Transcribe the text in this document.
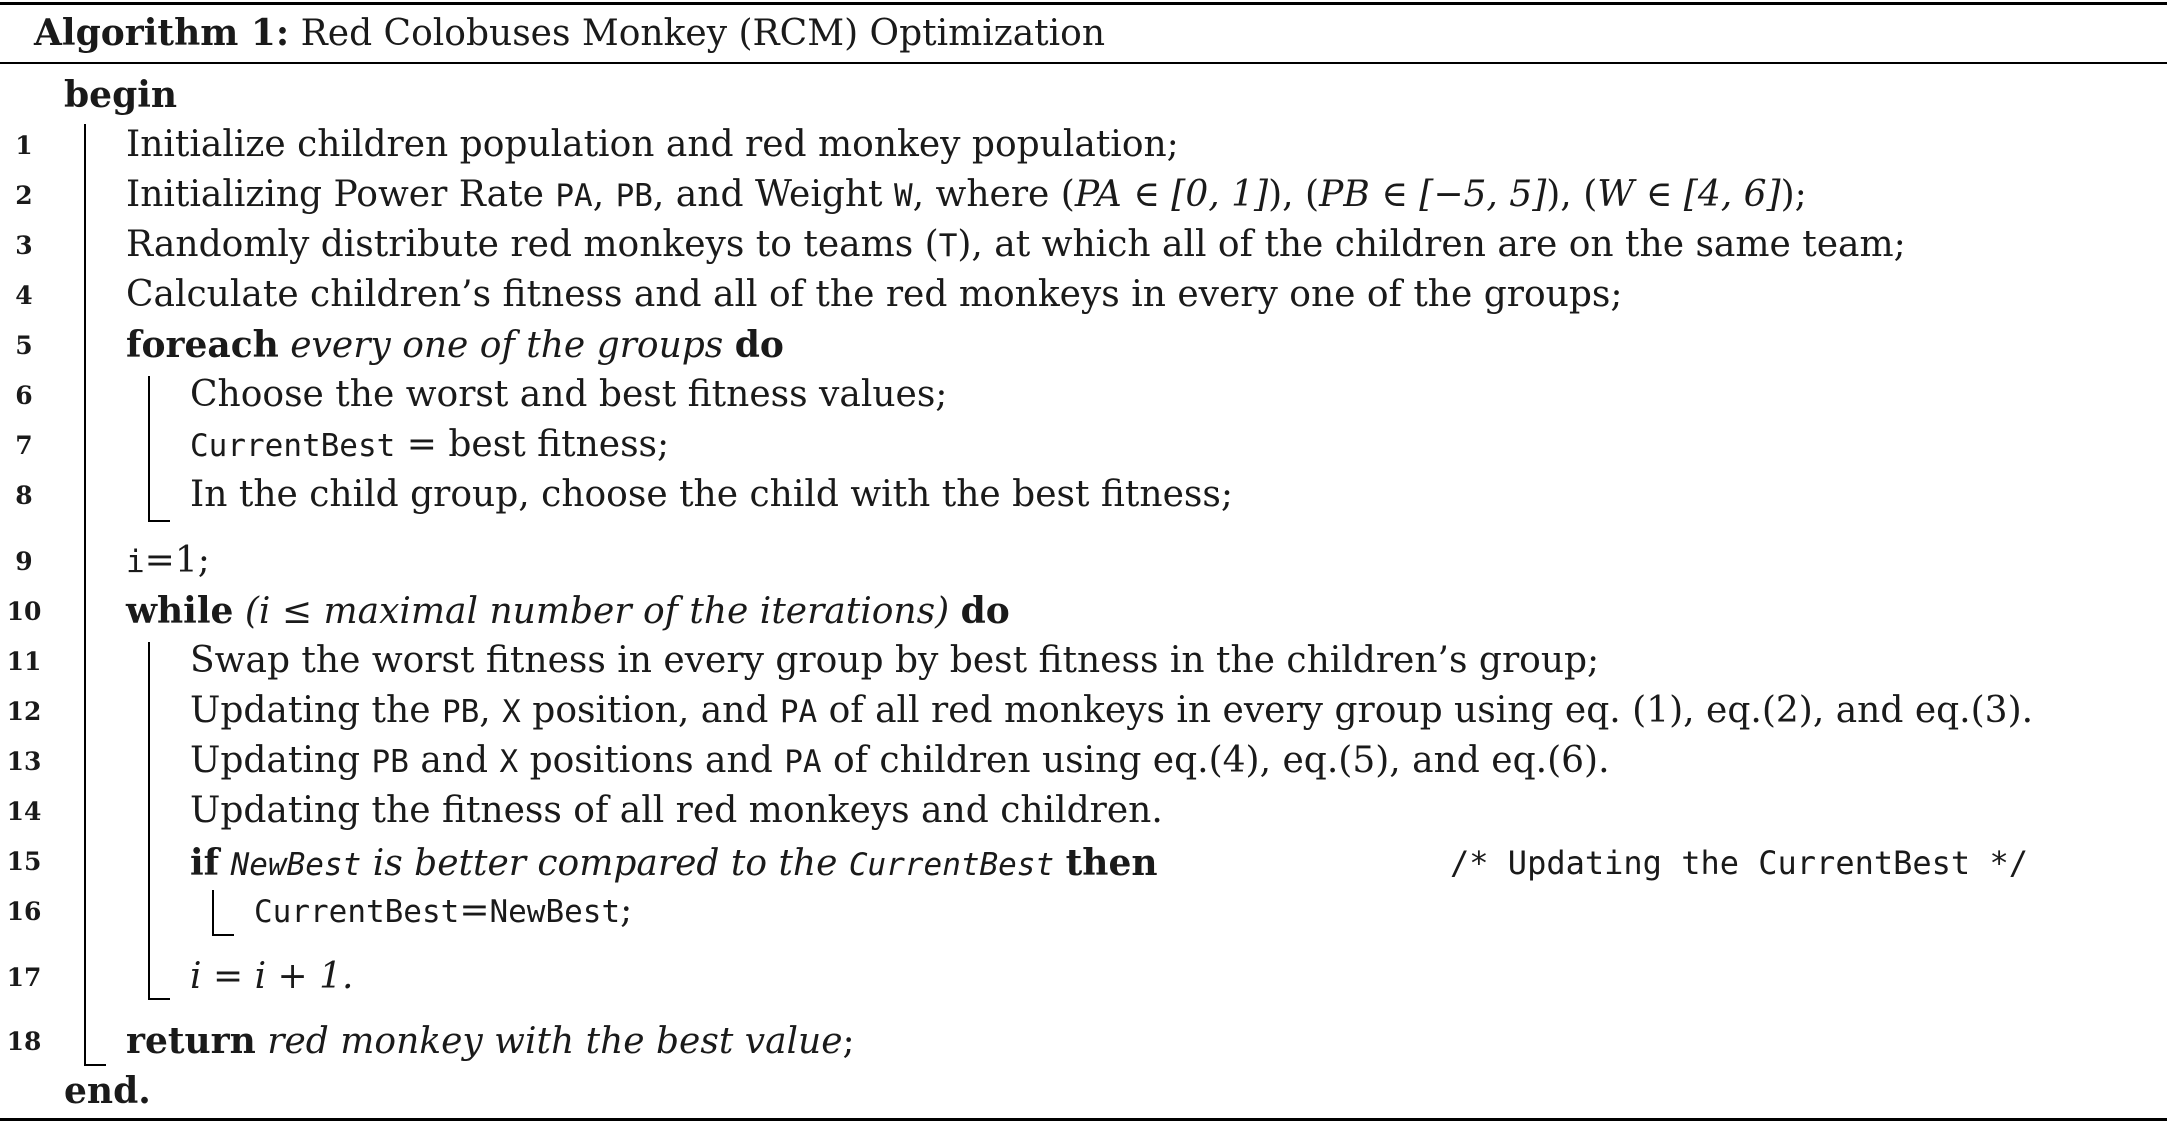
Algorithm 1: Red Colobuses Monkey (RCM) Optimization
begin
1
2
3
4
5
6
7
8
9
10
11
12
13
14
15
16
17
18
Initialize children population and red monkey population;
Initializing Power Rate PA, PB, and Weight W, where (PA ∈ [0, 1]), (PB ∈ [−5, 5]), (W ∈ [4, 6]);
Randomly distribute red monkeys to teams (T), at which all of the children are on the same team;
Calculate children’s fitness and all of the red monkeys in every one of the groups;
foreach every one of the groups do
Choose the worst and best fitness values;
CurrentBest = best fitness;
In the child group, choose the child with the best fitness;
i=1;
while (i ≤ maximal number of the iterations) do
Swap the worst fitness in every group by best fitness in the children’s group;
Updating the PB, X position, and PA of all red monkeys in every group using eq. (1), eq.(2), and eq.(3).
Updating PB and X positions and PA of children using eq.(4), eq.(5), and eq.(6).
Updating the fitness of all red monkeys and children.
if NewBest is better compared to the CurrentBest then	/* Updating the CurrentBest */
CurrentBest=NewBest;
i = i + 1.
return red monkey with the best value;
end.
